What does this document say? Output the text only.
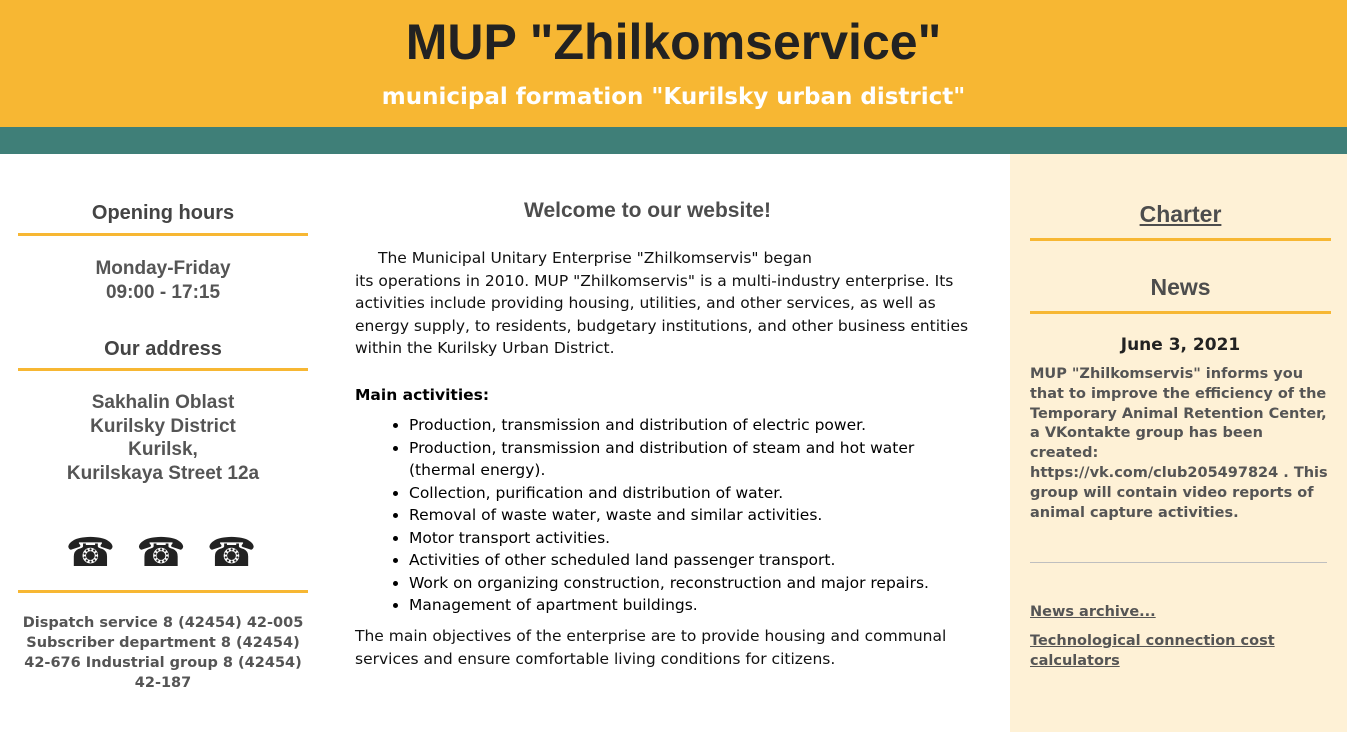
MUP "Zhilkomservice"
municipal formation "Kurilsky urban district"
Opening hours
Monday-Friday
09:00 - 17:15
Our address
Sakhalin Oblast
Kurilsky District
Kurilsk,
Kurilskaya Street 12a
☎ ☎ ☎
Dispatch service 8 (42454) 42-005
Subscriber department 8 (42454)
42-676 Industrial group 8 (42454)
42-187
Welcome to our website!

The Municipal Unitary Enterprise "Zhilkomservis" began

its operations in 2010. MUP "Zhilkomservis" is a multi-industry enterprise. Its activities include providing housing, utilities, and other services, as well as energy supply, to residents, budgetary institutions, and other business entities within the Kurilsky Urban District.

Main activities:
• Production, transmission and distribution of electric power.
• Production, transmission and distribution of steam and hot water (thermal energy).
• Collection, purification and distribution of water.
• Removal of waste water, waste and similar activities.
• Motor transport activities.
• Activities of other scheduled land passenger transport.
• Work on organizing construction, reconstruction and major repairs.
• Management of apartment buildings.

The main objectives of the enterprise are to provide housing and communal services and ensure comfortable living conditions for citizens.

Charter
News
June 3, 2021
MUP "Zhilkomservis" informs you that to improve the efficiency of the Temporary Animal Retention Center, a VKontakte group has been created: https://vk.com/club205497824 . This group will contain video reports of animal capture activities.
News archive...
Technological connection cost calculators
